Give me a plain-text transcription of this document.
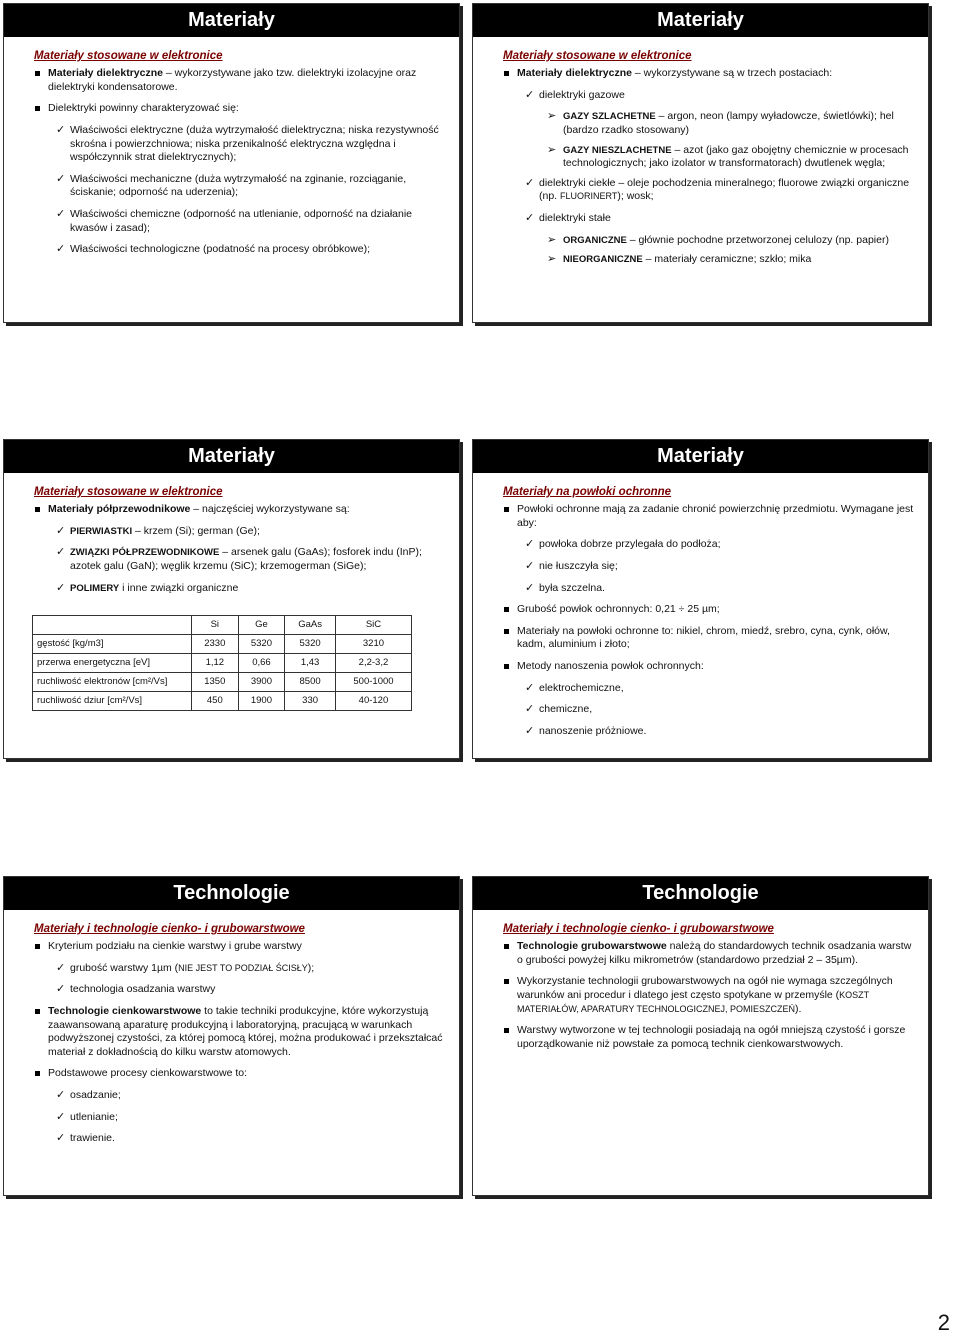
Materiały
Materiały stosowane w elektronice
Materiały dielektryczne – wykorzystywane jako tzw. dielektryki izolacyjne oraz dielektryki kondensatorowe.
Dielektryki powinny charakteryzować się:
✓ Właściwości elektryczne (duża wytrzymałość dielektryczna; niska rezystywność skrośna i powierzchniowa; niska przenikalność elektryczna względna i współczynnik strat dielektrycznych);
✓ Właściwości mechaniczne (duża wytrzymałość na zginanie, rozciąganie, ściskanie; odporność na uderzenia);
✓ Właściwości chemiczne (odporność na utlenianie, odporność na działanie kwasów i zasad);
✓ Właściwości technologiczne (podatność na procesy obróbkowe);
Materiały
Materiały stosowane w elektronice
Materiały dielektryczne – wykorzystywane są w trzech postaciach:
✓ dielektryki gazowe
➢ GAZY SZLACHETNE – argon, neon (lampy wyładowcze, świetlówki); hel (bardzo rzadko stosowany)
➢ GAZY NIESZLACHETNE – azot (jako gaz obojętny chemicznie w procesach technologicznych; jako izolator w transformatorach) dwutlenek węgla;
✓ dielektryki ciekłe – oleje pochodzenia mineralnego; fluorowe związki organiczne (np. FLUORINERT); wosk;
✓ dielektryki stałe
➢ ORGANICZNE – głównie pochodne przetworzonej celulozy (np. papier)
➢ NIEORGANICZNE – materiały ceramiczne; szkło; mika
Materiały
Materiały stosowane w elektronice
Materiały półprzewodnikowe – najczęściej wykorzystywane są:
✓ PIERWIASTKI – krzem (Si); german (Ge);
✓ ZWIĄZKI PÓŁPRZEWODNIKOWE – arsenek galu (GaAs); fosforek indu (InP); azotek galu (GaN); węglik krzemu (SiC); krzemogerman (SiGe);
✓ POLIMERY i inne związki organiczne
	Si	Ge	GaAs	SiC
gęstość [kg/m3]	2330	5320	5320	3210
przerwa energetyczna [eV]	1,12	0,66	1,43	2,2-3,2
ruchliwość elektronów [cm²/Vs]	1350	3900	8500	500-1000
ruchliwość dziur [cm²/Vs]	450	1900	330	40-120
Materiały
Materiały na powłoki ochronne
Powłoki ochronne mają za zadanie chronić powierzchnię przedmiotu. Wymagane jest aby:
✓ powłoka dobrze przylegała do podłoża;
✓ nie łuszczyła się;
✓ była szczelna.
Grubość powłok ochronnych: 0,21 ÷ 25 µm;
Materiały na powłoki ochronne to: nikiel, chrom, miedź, srebro, cyna, cynk, ołów, kadm, aluminium i złoto;
Metody nanoszenia powłok ochronnych:
✓ elektrochemiczne,
✓ chemiczne,
✓ nanoszenie próżniowe.
Technologie
Materiały i technologie cienko- i grubowarstwowe
Kryterium podziału na cienkie warstwy i grube warstwy
✓ grubość warstwy 1µm (NIE JEST TO PODZIAŁ ŚCISŁY);
✓ technologia osadzania warstwy
Technologie cienkowarstwowe to takie techniki produkcyjne, które wykorzystują zaawansowaną aparaturę produkcyjną i laboratoryjną, pracującą w warunkach podwyższonej czystości, za której pomocą której, można produkować i przekształcać materiał z dokładnością do kilku warstw atomowych.
Podstawowe procesy cienkowarstwowe to:
✓ osadzanie;
✓ utlenianie;
✓ trawienie.
Technologie
Materiały i technologie cienko- i grubowarstwowe
Technologie grubowarstwowe należą do standardowych technik osadzania warstw o grubości powyżej kilku mikrometrów (standardowo przedział 2 – 35µm).
Wykorzystanie technologii grubowarstwowych na ogół nie wymaga szczególnych warunków ani procedur i dlatego jest często spotykane w przemyśle (KOSZT MATERIAŁÓW, APARATURY TECHNOLOGICZNEJ, POMIESZCZEŃ).
Warstwy wytworzone w tej technologii posiadają na ogół mniejszą czystość i gorsze uporządkowanie niż powstałe za pomocą technik cienkowarstwowych.
2
